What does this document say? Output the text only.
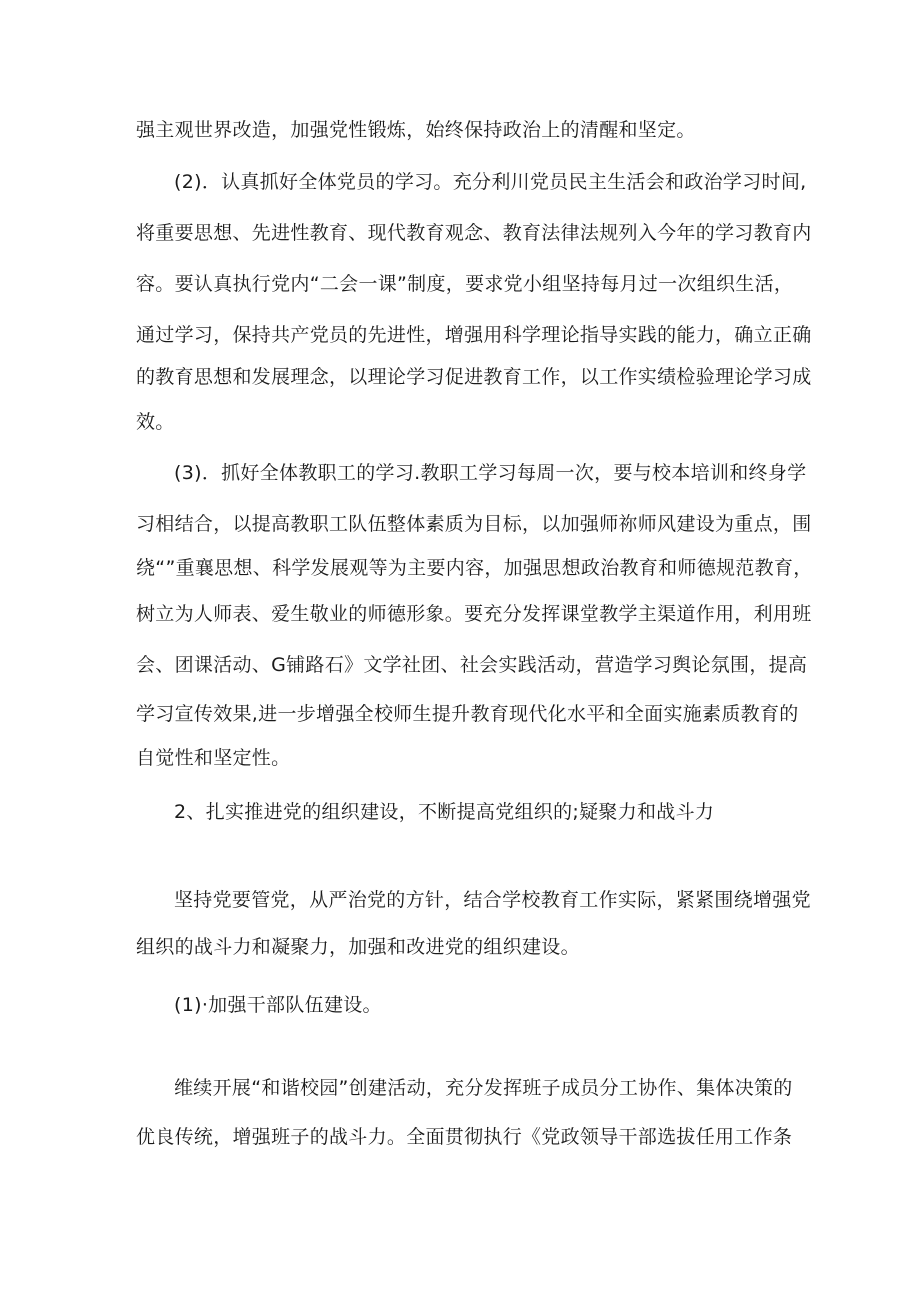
强主观世界改造，加强党性锻炼，始终保持政治上的清醒和坚定。
(2)．认真抓好全体党员的学习。充分利川党员民主生活会和政治学习时间,
将重要思想、先进性教育、现代教育观念、教育法律法规列入今年的学习教育内
容。要认真执行党内“二会一课”制度，要求党小组坚持每月过一次组织生活，
通过学习，保持共产党员的先进性，增强用科学理论指导实践的能力，确立正确
的教育思想和发展理念，以理论学习促进教育工作，以工作实绩检验理论学习成
效。
(3)．抓好全体教职工的学习.教职工学习每周一次，要与校本培训和终身学
习相结合，以提高教职工队伍整体素质为目标，以加强师祢师风建设为重点，围
绕“”重襄思想、科学发展观等为主要内容，加强思想政治教育和师德规范教育，
树立为人师表、爱生敬业的师德形象。要充分发挥课堂教学主渠道作用，利用班
会、团课活动、G铺路石》文学社团、社会实践活动，营造学习舆论氛围，提高
学习宣传效果,进一步增强全校师生提升教育现代化水平和全面实施素质教育的
自觉性和坚定性。
2、扎实推进党的组织建设，不断提高党组织的;疑聚力和战斗力
坚持党要管党，从严治党的方针，结合学校教育工作实际，紧紧围绕增强党
组织的战斗力和凝聚力，加强和改进党的组织建设。
(1)·加强干部队伍建设。
维续开展“和谐校园”创建活动，充分发挥班子成员分工协作、集体决策的
优良传统，增强班子的战斗力。全面贯彻执行《党政领导干部选拔任用工作条
